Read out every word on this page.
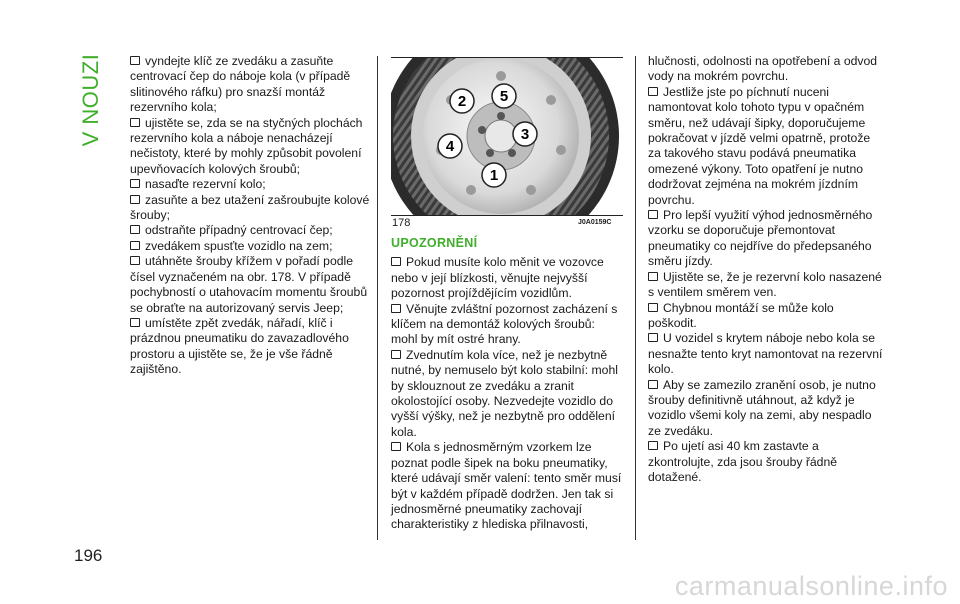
V NOUZI
196

vyndejte klíč ze zvedáku a zasuňte centrovací čep do náboje kola (v případě slitinového ráfku) pro snazší montáž rezervního kola;

ujistěte se, zda se na styčných plochách rezervního kola a náboje nenacházejí nečistoty, které by mohly způsobit povolení upevňovacích kolových šroubů;

nasaďte rezervní kolo;

zasuňte a bez utažení zašroubujte kolové šrouby;

odstraňte případný centrovací čep;

zvedákem spusťte vozidlo na zem;

utáhněte šrouby křížem v pořadí podle čísel vyznačeném na obr. 178. V případě pochybností o utahovacím momentu šroubů se obraťte na autorizovaný servis Jeep;

umístěte zpět zvedák, nářadí, klíč i prázdnou pneumatiku do zavazadlového prostoru a ujistěte se, že je vše řádně zajištěno.

2 5
3
4
1
178	J0A0159C
UPOZORNĚNÍ

Pokud musíte kolo měnit ve vozovce nebo v její blízkosti, věnujte nejvyšší pozornost projíždějícím vozidlům.

Věnujte zvláštní pozornost zacházení s klíčem na demontáž kolových šroubů: mohl by mít ostré hrany.

Zvednutím kola více, než je nezbytně nutné, by nemuselo být kolo stabilní: mohl by sklouznout ze zvedáku a zranit okolostojící osoby. Nezvedejte vozidlo do vyšší výšky, než je nezbytně pro oddělení kola.

Kola s jednosměrným vzorkem lze poznat podle šipek na boku pneumatiky, které udávají směr valení: tento směr musí být v každém případě dodržen. Jen tak si jednosměrné pneumatiky zachovají charakteristiky z hlediska přilnavosti,

hlučnosti, odolnosti na opotřebení a odvod vody na mokrém povrchu.

Jestliže jste po píchnutí nuceni namontovat kolo tohoto typu v opačném směru, než udávají šipky, doporučujeme pokračovat v jízdě velmi opatrně, protože za takového stavu podává pneumatika omezené výkony. Toto opatření je nutno dodržovat zejména na mokrém jízdním povrchu.

Pro lepší využití výhod jednosměrného vzorku se doporučuje přemontovat pneumatiky co nejdříve do předepsaného směru jízdy.

Ujistěte se, že je rezervní kolo nasazené s ventilem směrem ven.

Chybnou montáží se může kolo poškodit.

U vozidel s krytem náboje nebo kola se nesnažte tento kryt namontovat na rezervní kolo.

Aby se zamezilo zranění osob, je nutno šrouby definitivně utáhnout, až když je vozidlo všemi koly na zemi, aby nespadlo ze zvedáku.

Po ujetí asi 40 km zastavte a zkontrolujte, zda jsou šrouby řádně dotažené.

carmanualsonline.info
